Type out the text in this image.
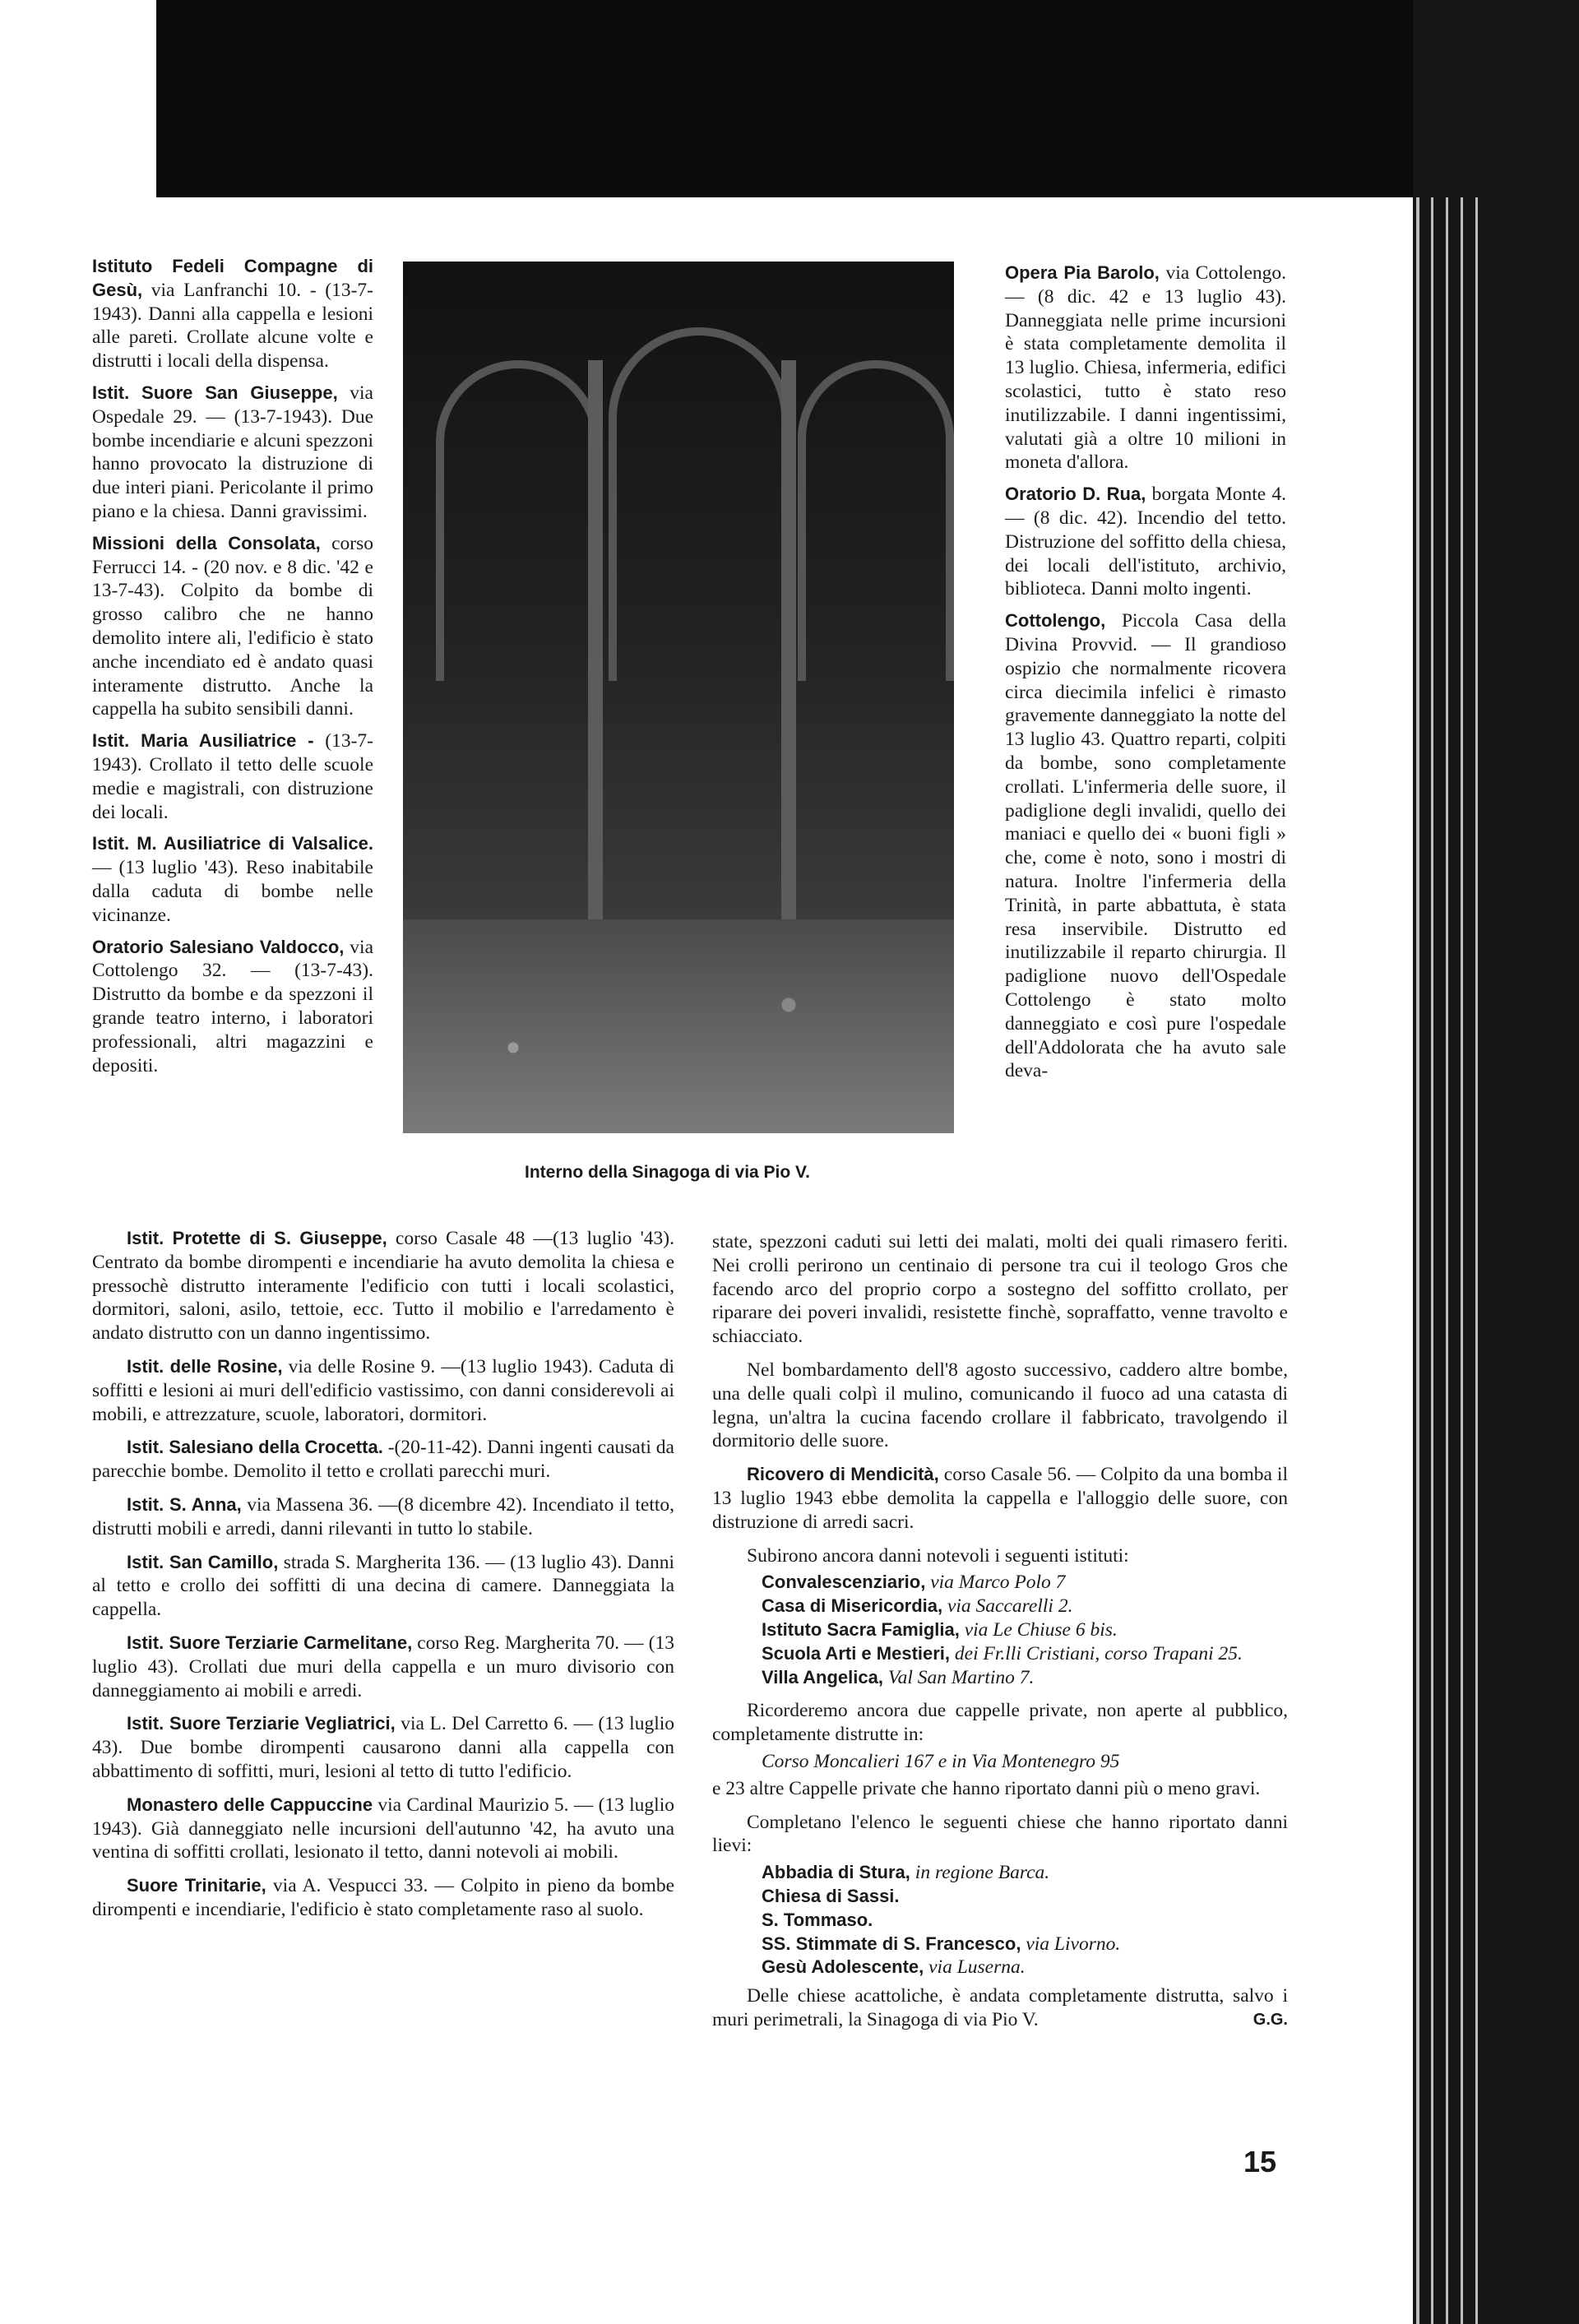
Istituto Fedeli Compagne di Gesù, via Lanfranchi 10. - (13-7-1943). Danni alla cappella e lesioni alle pareti. Crollate alcune volte e distrutti i locali della dispensa.

Istit. Suore San Giuseppe, via Ospedale 29. — (13-7-1943). Due bombe incendiarie e alcuni spezzoni hanno provocato la distruzione di due interi piani. Pericolante il primo piano e la chiesa. Danni gravissimi.

Missioni della Consolata, corso Ferrucci 14. - (20 nov. e 8 dic. '42 e 13-7-43). Colpito da bombe di grosso calibro che ne hanno demolito intere ali, l'edificio è stato anche incendiato ed è andato quasi interamente distrutto. Anche la cappella ha subito sensibili danni.

Istit. Maria Ausiliatrice - (13-7-1943). Crollato il tetto delle scuole medie e magistrali, con distruzione dei locali.

Istit. M. Ausiliatrice di Valsalice. — (13 luglio '43). Reso inabitabile dalla caduta di bombe nelle vicinanze.

Oratorio Salesiano Valdocco, via Cottolengo 32. — (13-7-43). Distrutto da bombe e da spezzoni il grande teatro interno, i laboratori professionali, altri magazzini e depositi.

Interno della Sinagoga di via Pio V.

Opera Pia Barolo, via Cottolengo. — (8 dic. 42 e 13 luglio 43). Danneggiata nelle prime incursioni è stata completamente demolita il 13 luglio. Chiesa, infermeria, edifici scolastici, tutto è stato reso inutilizzabile. I danni ingentissimi, valutati già a oltre 10 milioni in moneta d'allora.

Oratorio D. Rua, borgata Monte 4. — (8 dic. 42). Incendio del tetto. Distruzione del soffitto della chiesa, dei locali dell'istituto, archivio, biblioteca. Danni molto ingenti.

Cottolengo, Piccola Casa della Divina Provvid. — Il grandioso ospizio che normalmente ricovera circa diecimila infelici è rimasto gravemente danneggiato la notte del 13 luglio 43. Quattro reparti, colpiti da bombe, sono completamente crollati. L'infermeria delle suore, il padiglione degli invalidi, quello dei maniaci e quello dei « buoni figli » che, come è noto, sono i mostri di natura. Inoltre l'infermeria della Trinità, in parte abbattuta, è stata resa inservibile. Distrutto ed inutilizzabile il reparto chirurgia. Il padiglione nuovo dell'Ospedale Cottolengo è stato molto danneggiato e così pure l'ospedale dell'Addolorata che ha avuto sale deva-

Istit. Protette di S. Giuseppe, corso Casale 48 —(13 luglio '43). Centrato da bombe dirompenti e incendiarie ha avuto demolita la chiesa e pressochè distrutto interamente l'edificio con tutti i locali scolastici, dormitori, saloni, asilo, tettoie, ecc. Tutto il mobilio e l'arredamento è andato distrutto con un danno ingentissimo.

Istit. delle Rosine, via delle Rosine 9. —(13 luglio 1943). Caduta di soffitti e lesioni ai muri dell'edificio vastissimo, con danni considerevoli ai mobili, e attrezzature, scuole, laboratori, dormitori.

Istit. Salesiano della Crocetta. -(20-11-42). Danni ingenti causati da parecchie bombe. Demolito il tetto e crollati parecchi muri.

Istit. S. Anna, via Massena 36. —(8 dicembre 42). Incendiato il tetto, distrutti mobili e arredi, danni rilevanti in tutto lo stabile.

Istit. San Camillo, strada S. Margherita 136. — (13 luglio 43). Danni al tetto e crollo dei soffitti di una decina di camere. Danneggiata la cappella.

Istit. Suore Terziarie Carmelitane, corso Reg. Margherita 70. — (13 luglio 43). Crollati due muri della cappella e un muro divisorio con danneggiamento ai mobili e arredi.

Istit. Suore Terziarie Vegliatrici, via L. Del Carretto 6. — (13 luglio 43). Due bombe dirompenti causarono danni alla cappella con abbattimento di soffitti, muri, lesioni al tetto di tutto l'edificio.

Monastero delle Cappuccine via Cardinal Maurizio 5. — (13 luglio 1943). Già danneggiato nelle incursioni dell'autunno '42, ha avuto una ventina di soffitti crollati, lesionato il tetto, danni notevoli ai mobili.

Suore Trinitarie, via A. Vespucci 33. — Colpito in pieno da bombe dirompenti e incendiarie, l'edificio è stato completamente raso al suolo.

state, spezzoni caduti sui letti dei malati, molti dei quali rimasero feriti. Nei crolli perirono un centinaio di persone tra cui il teologo Gros che facendo arco del proprio corpo a sostegno del soffitto crollato, per riparare dei poveri invalidi, resistette finchè, sopraffatto, venne travolto e schiacciato.

Nel bombardamento dell'8 agosto successivo, caddero altre bombe, una delle quali colpì il mulino, comunicando il fuoco ad una catasta di legna, un'altra la cucina facendo crollare il fabbricato, travolgendo il dormitorio delle suore.

Ricovero di Mendicità, corso Casale 56. — Colpito da una bomba il 13 luglio 1943 ebbe demolita la cappella e l'alloggio delle suore, con distruzione di arredi sacri.

Subirono ancora danni notevoli i seguenti istituti:

Convalescenziario, via Marco Polo 7
Casa di Misericordia, via Saccarelli 2.
Istituto Sacra Famiglia, via Le Chiuse 6 bis.
Scuola Arti e Mestieri, dei Fr.lli Cristiani, corso Trapani 25.
Villa Angelica, Val San Martino 7.

Ricorderemo ancora due cappelle private, non aperte al pubblico, completamente distrutte in:

Corso Moncalieri 167 e in Via Montenegro 95

e 23 altre Cappelle private che hanno riportato danni più o meno gravi.

Completano l'elenco le seguenti chiese che hanno riportato danni lievi:

Abbadia di Stura, in regione Barca.
Chiesa di Sassi.
S. Tommaso.
SS. Stimmate di S. Francesco, via Livorno.
Gesù Adolescente, via Luserna.

Delle chiese acattoliche, è andata completamente distrutta, salvo i muri perimetrali, la Sinagoga di via Pio V.	G.G.

15
